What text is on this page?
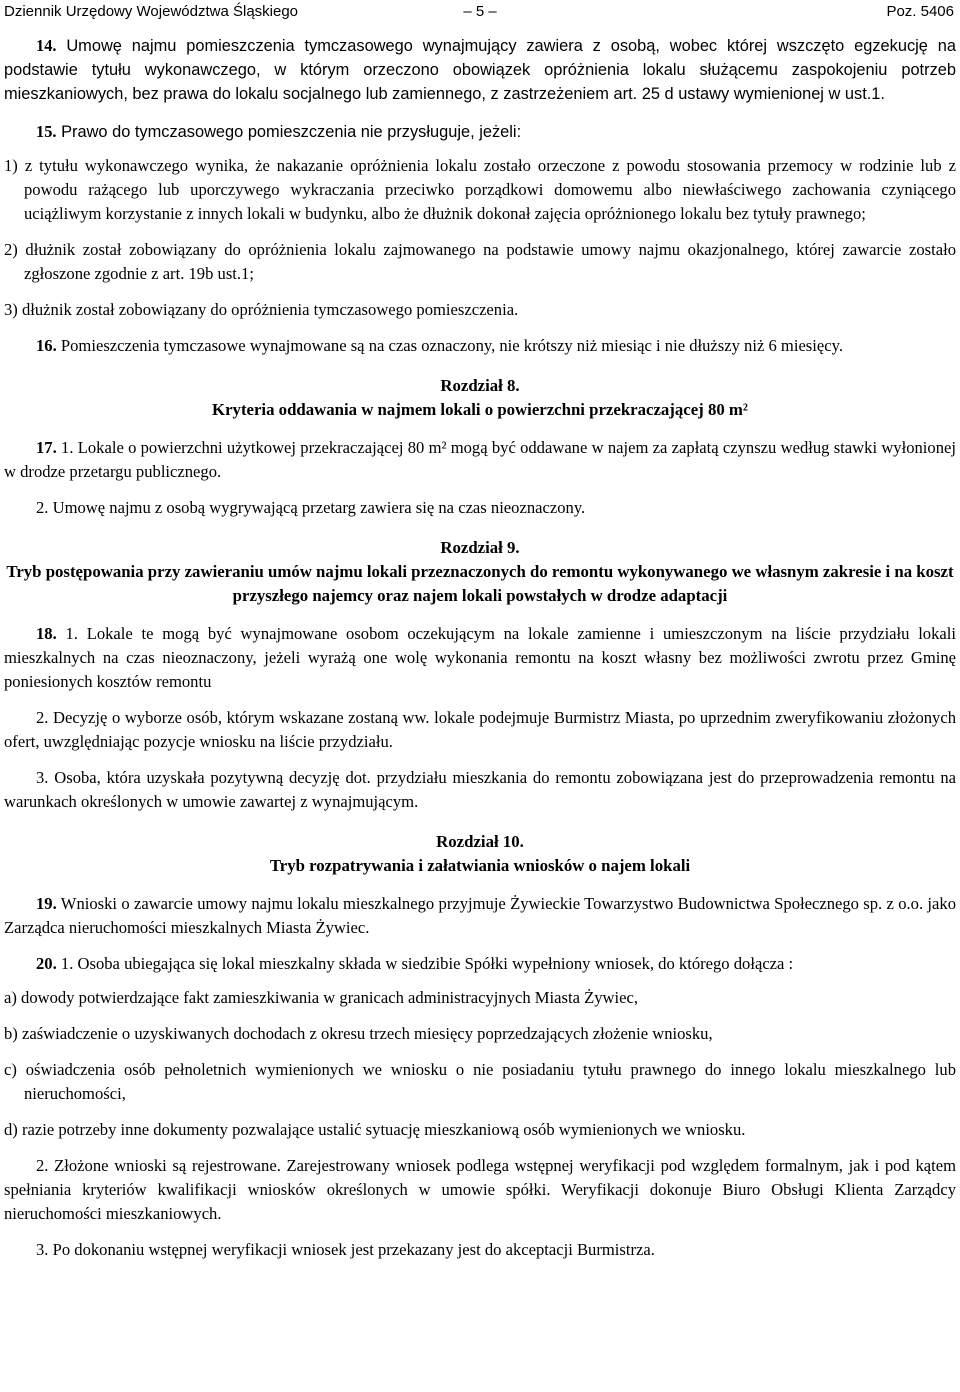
Dziennik Urzędowy Województwa Śląskiego	– 5 –	Poz. 5406

14. Umowę najmu pomieszczenia tymczasowego wynajmujący zawiera z osobą, wobec której wszczęto egzekucję na podstawie tytułu wykonawczego, w którym orzeczono obowiązek opróżnienia lokalu służącemu zaspokojeniu potrzeb mieszkaniowych, bez prawa do lokalu socjalnego lub zamiennego, z zastrzeżeniem art. 25 d ustawy wymienionej w ust.1.

15. Prawo do tymczasowego pomieszczenia nie przysługuje, jeżeli:

1) z tytułu wykonawczego wynika, że nakazanie opróżnienia lokalu zostało orzeczone z powodu stosowania przemocy w rodzinie lub z powodu rażącego lub uporczywego wykraczania przeciwko porządkowi domowemu albo niewłaściwego zachowania czyniącego uciążliwym korzystanie z innych lokali w budynku, albo że dłużnik dokonał zajęcia opróżnionego lokalu bez tytuły prawnego;

2) dłużnik został zobowiązany do opróżnienia lokalu zajmowanego na podstawie umowy najmu okazjonalnego, której zawarcie zostało zgłoszone zgodnie z art. 19b ust.1;

3) dłużnik został zobowiązany do opróżnienia tymczasowego pomieszczenia.

16. Pomieszczenia tymczasowe wynajmowane są na czas oznaczony, nie krótszy niż miesiąc i nie dłuższy niż 6 miesięcy.

Rozdział 8.
Kryteria oddawania w najmem lokali o powierzchni przekraczającej 80 m²

17. 1. Lokale o powierzchni użytkowej przekraczającej 80 m² mogą być oddawane w najem za zapłatą czynszu według stawki wyłonionej w drodze przetargu publicznego.

2. Umowę najmu z osobą wygrywającą przetarg zawiera się na czas nieoznaczony.

Rozdział 9.
Tryb postępowania przy zawieraniu umów najmu lokali przeznaczonych do remontu wykonywanego we własnym zakresie i na koszt przyszłego najemcy oraz najem lokali powstałych w drodze adaptacji

18. 1. Lokale te mogą być wynajmowane osobom oczekującym na lokale zamienne i umieszczonym na liście przydziału lokali mieszkalnych na czas nieoznaczony, jeżeli wyrażą one wolę wykonania remontu na koszt własny bez możliwości zwrotu przez Gminę poniesionych kosztów remontu

2. Decyzję o wyborze osób, którym wskazane zostaną ww. lokale podejmuje Burmistrz Miasta, po uprzednim zweryfikowaniu złożonych ofert, uwzględniając pozycje wniosku na liście przydziału.

3. Osoba, która uzyskała pozytywną decyzję dot. przydziału mieszkania do remontu zobowiązana jest do przeprowadzenia remontu na warunkach określonych w umowie zawartej z wynajmującym.

Rozdział 10.
Tryb rozpatrywania i załatwiania wniosków o najem lokali

19. Wnioski o zawarcie umowy najmu lokalu mieszkalnego przyjmuje Żywieckie Towarzystwo Budownictwa Społecznego sp. z o.o. jako Zarządca nieruchomości mieszkalnych Miasta Żywiec.

20. 1. Osoba ubiegająca się lokal mieszkalny składa w siedzibie Spółki wypełniony wniosek, do którego dołącza :

a) dowody potwierdzające fakt zamieszkiwania w granicach administracyjnych Miasta Żywiec,

b) zaświadczenie o uzyskiwanych dochodach z okresu trzech miesięcy poprzedzających złożenie wniosku,

c) oświadczenia osób pełnoletnich wymienionych we wniosku o nie posiadaniu tytułu prawnego do innego lokalu mieszkalnego lub nieruchomości,

d) razie potrzeby inne dokumenty pozwalające ustalić sytuację mieszkaniową osób wymienionych we wniosku.

2. Złożone wnioski są rejestrowane. Zarejestrowany wniosek podlega wstępnej weryfikacji pod względem formalnym, jak i pod kątem spełniania kryteriów kwalifikacji wniosków określonych w umowie spółki. Weryfikacji dokonuje Biuro Obsługi Klienta Zarządcy nieruchomości mieszkaniowych.

3. Po dokonaniu wstępnej weryfikacji wniosek jest przekazany jest do akceptacji Burmistrza.
